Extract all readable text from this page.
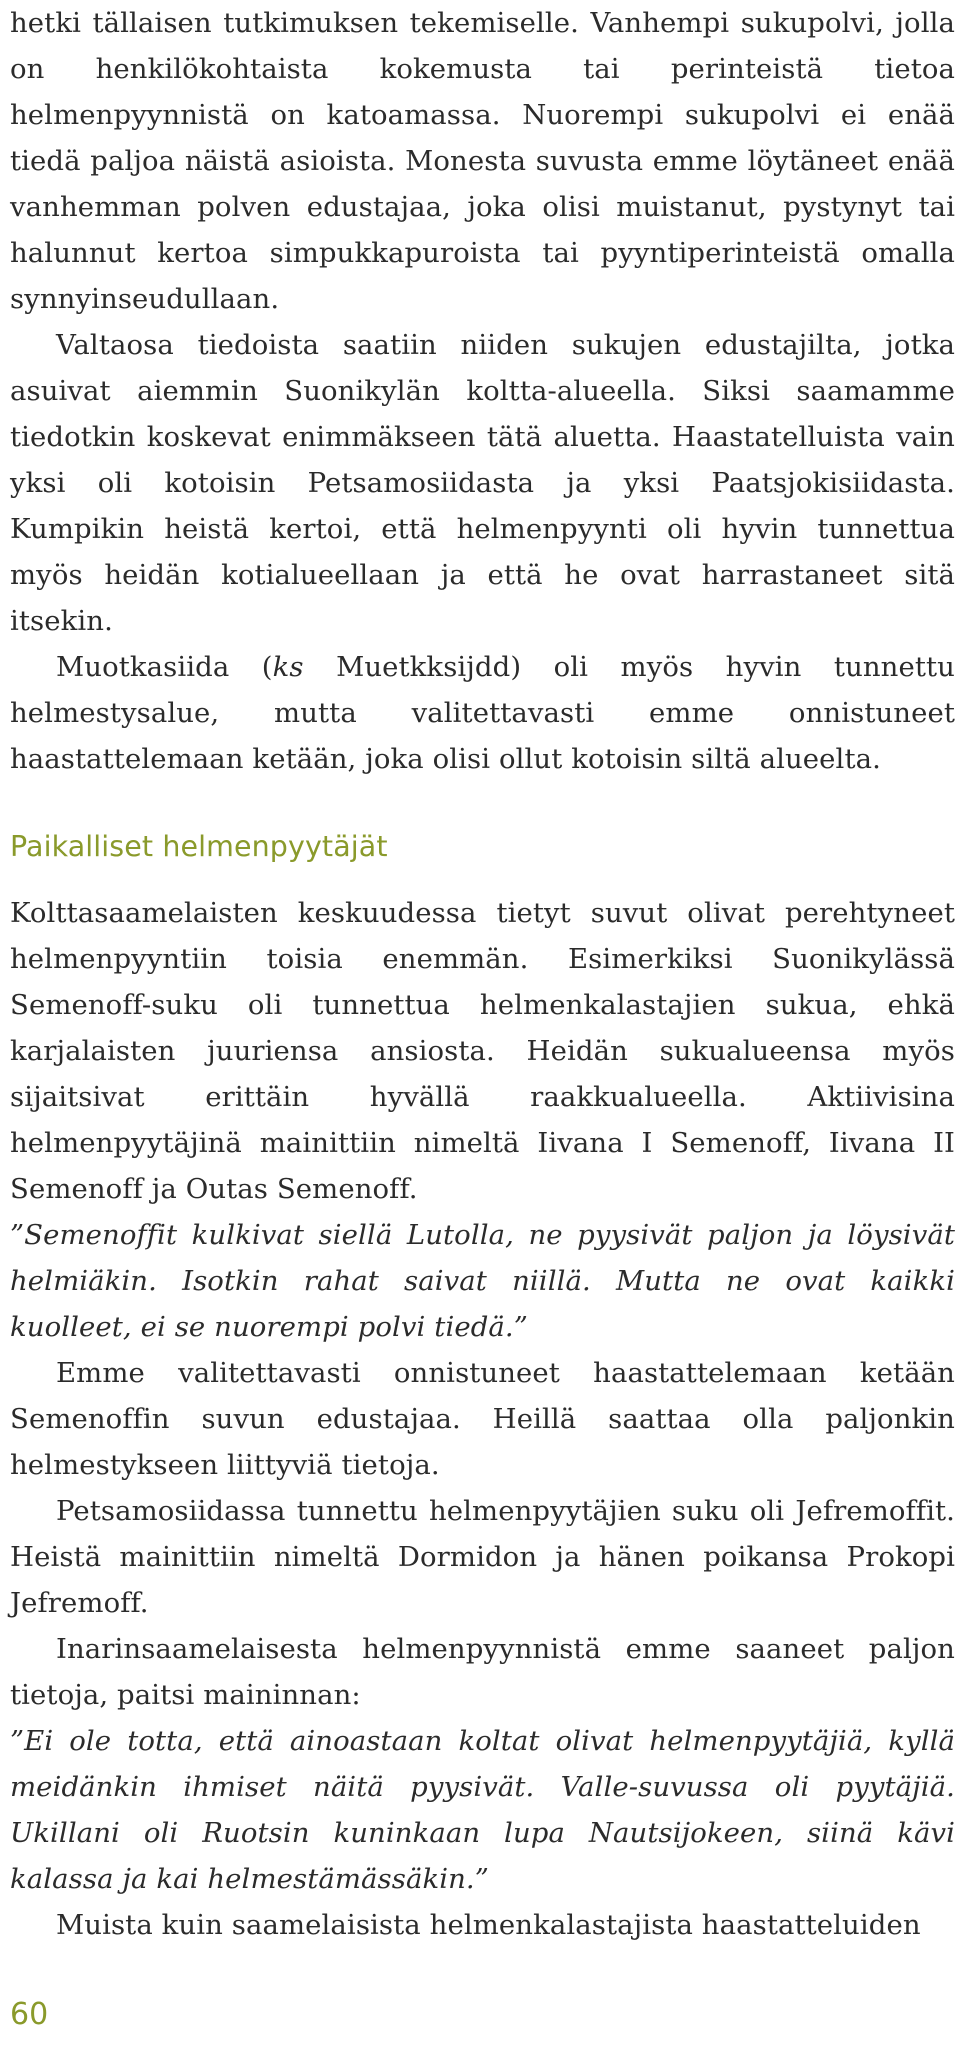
hetki tällaisen tutkimuksen tekemiselle. Vanhempi sukupolvi, jolla on henkilökohtaista kokemusta tai perinteistä tietoa helmenpyynnistä on katoamassa. Nuorempi sukupolvi ei enää tiedä paljoa näistä asioista. Monesta suvusta emme löytäneet enää vanhemman polven edustajaa, joka olisi muistanut, pystynyt tai halunnut kertoa simpukkapuroista tai pyyntiperinteistä omalla synnyinseudullaan.

Valtaosa tiedoista saatiin niiden sukujen edustajilta, jotka asuivat aiemmin Suonikylän koltta-alueella. Siksi saamamme tiedotkin koskevat enimmäkseen tätä aluetta. Haastatelluista vain yksi oli kotoisin Petsamosiidasta ja yksi Paatsjokisiidasta. Kumpikin heistä kertoi, että helmenpyynti oli hyvin tunnettua myös heidän kotialueellaan ja että he ovat harrastaneet sitä itsekin.

Muotkasiida (ks Muetkksijdd) oli myös hyvin tunnettu helmestysalue, mutta valitettavasti emme onnistuneet haastattelemaan ketään, joka olisi ollut kotoisin siltä alueelta.

Paikalliset helmenpyytäjät

Kolttasaamelaisten keskuudessa tietyt suvut olivat perehtyneet helmenpyyntiin toisia enemmän. Esimerkiksi Suonikylässä Semenoff-suku oli tunnettua helmenkalastajien sukua, ehkä karjalaisten juuriensa ansiosta. Heidän sukualueensa myös sijaitsivat erittäin hyvällä raakkualueella. Aktiivisina helmenpyytäjinä mainittiin nimeltä Iivana I Semenoff, Iivana II Semenoff ja Outas Semenoff.

”Semenoffit kulkivat siellä Lutolla, ne pyysivät paljon ja löysivät helmiäkin. Isotkin rahat saivat niillä. Mutta ne ovat kaikki kuolleet, ei se nuorempi polvi tiedä.”

Emme valitettavasti onnistuneet haastattelemaan ketään Semenoffin suvun edustajaa. Heillä saattaa olla paljonkin helmestykseen liittyviä tietoja.

Petsamosiidassa tunnettu helmenpyytäjien suku oli Jefremoffit. Heistä mainittiin nimeltä Dormidon ja hänen poikansa Prokopi Jefremoff.

Inarinsaamelaisesta helmenpyynnistä emme saaneet paljon tietoja, paitsi maininnan:

”Ei ole totta, että ainoastaan koltat olivat helmenpyytäjiä, kyllä meidänkin ihmiset näitä pyysivät. Valle-suvussa oli pyytäjiä. Ukillani oli Ruotsin kuninkaan lupa Nautsijokeen, siinä kävi kalassa ja kai helmestämässäkin.”

Muista kuin saamelaisista helmenkalastajista haastatteluiden

60
